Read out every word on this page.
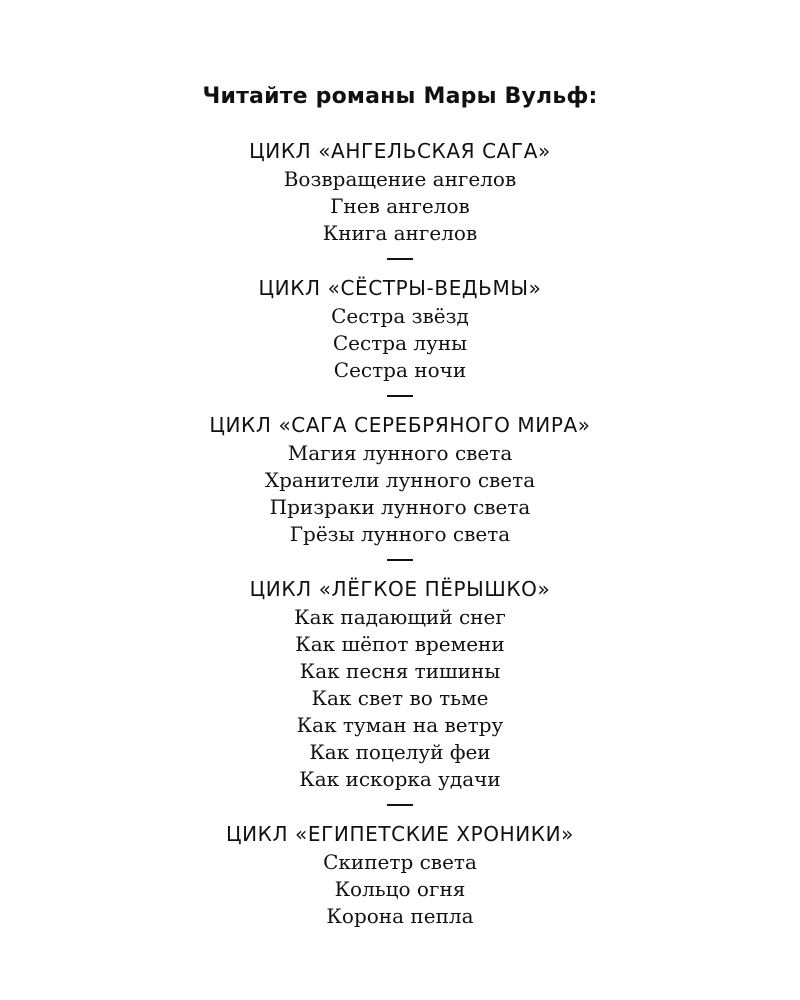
Читайте романы Мары Вульф:
ЦИКЛ «АНГЕЛЬСКАЯ САГА»
Возвращение ангелов
Гнев ангелов
Книга ангелов
ЦИКЛ «СЁСТРЫ-ВЕДЬМЫ»
Сестра звёзд
Сестра луны
Сестра ночи
ЦИКЛ «САГА СЕРЕБРЯНОГО МИРА»
Магия лунного света
Хранители лунного света
Призраки лунного света
Грёзы лунного света
ЦИКЛ «ЛЁГКОЕ ПЁРЫШКО»
Как падающий снег
Как шёпот времени
Как песня тишины
Как свет во тьме
Как туман на ветру
Как поцелуй феи
Как искорка удачи
ЦИКЛ «ЕГИПЕТСКИЕ ХРОНИКИ»
Скипетр света
Кольцо огня
Корона пепла
